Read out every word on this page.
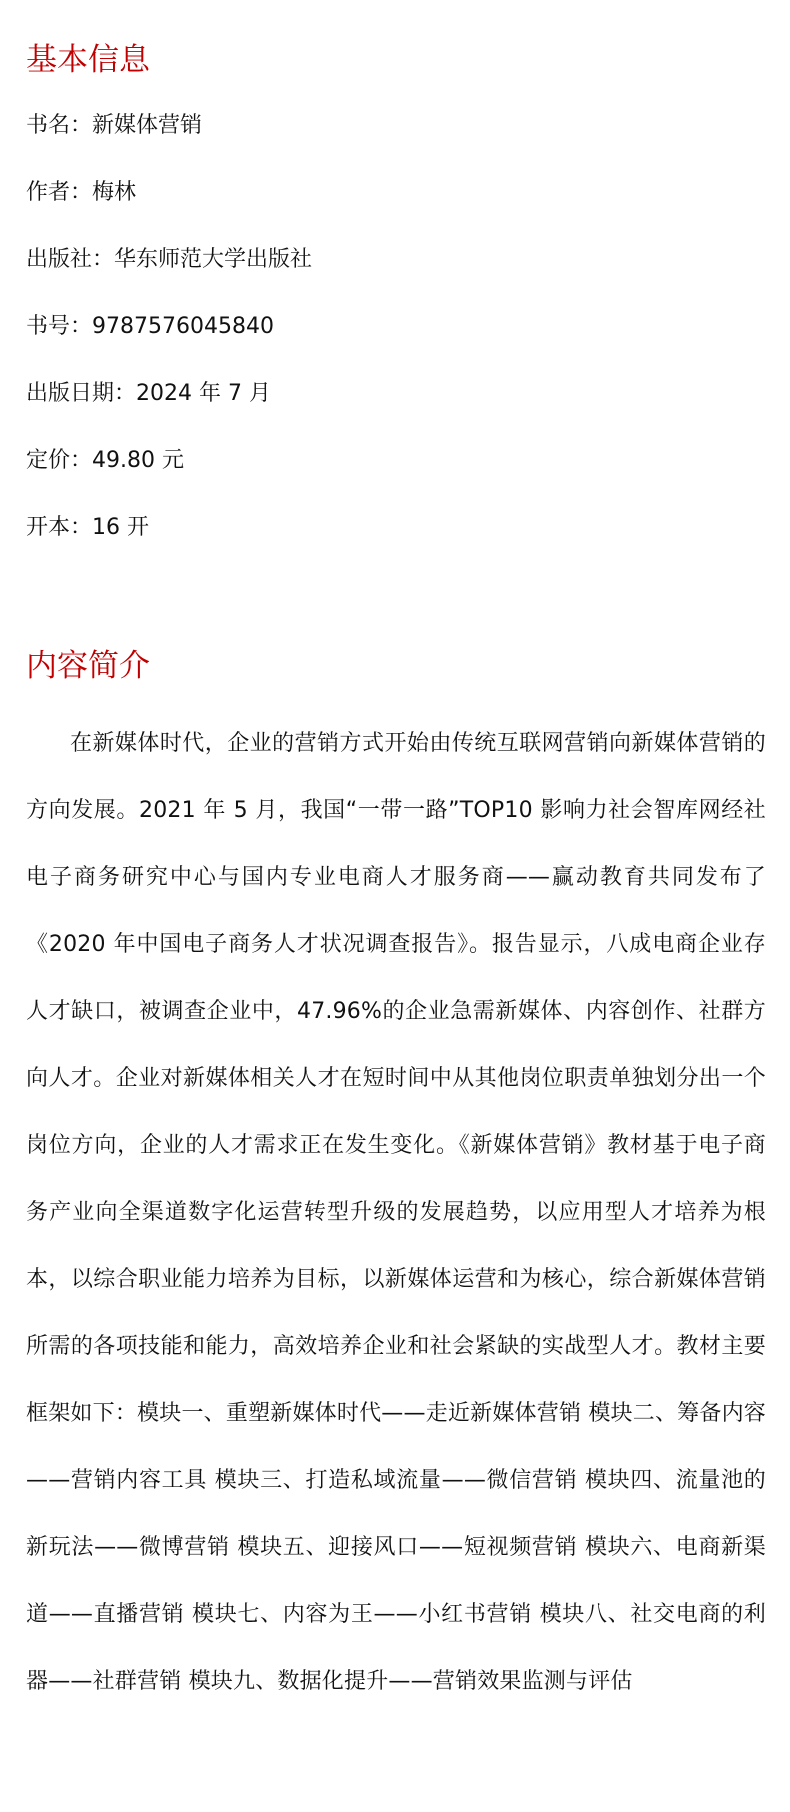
基本信息
书名：新媒体营销
作者：梅林
出版社：华东师范大学出版社
书号：9787576045840
出版日期：2024 年 7 月
定价：49.80 元
开本：16 开
内容简介

在新媒体时代，企业的营销方式开始由传统互联网营销向新媒体营销的方向发展。2021 年 5 月，我国“一带一路”TOP10 影响力社会智库网经社电子商务研究中心与国内专业电商人才服务商——赢动教育共同发布了《2020 年中国电子商务人才状况调查报告》。报告显示，八成电商企业存人才缺口，被调查企业中，47.96%的企业急需新媒体、内容创作、社群方向人才。企业对新媒体相关人才在短时间中从其他岗位职责单独划分出一个岗位方向，企业的人才需求正在发生变化。《新媒体营销》教材基于电子商务产业向全渠道数字化运营转型升级的发展趋势，以应用型人才培养为根本，以综合职业能力培养为目标，以新媒体运营和为核心，综合新媒体营销所需的各项技能和能力，高效培养企业和社会紧缺的实战型人才。教材主要框架如下：模块一、重塑新媒体时代——走近新媒体营销 模块二、筹备内容——营销内容工具 模块三、打造私域流量——微信营销 模块四、流量池的新玩法——微博营销 模块五、迎接风口——短视频营销 模块六、电商新渠道——直播营销 模块七、内容为王——小红书营销 模块八、社交电商的利器——社群营销 模块九、数据化提升——营销效果监测与评估
